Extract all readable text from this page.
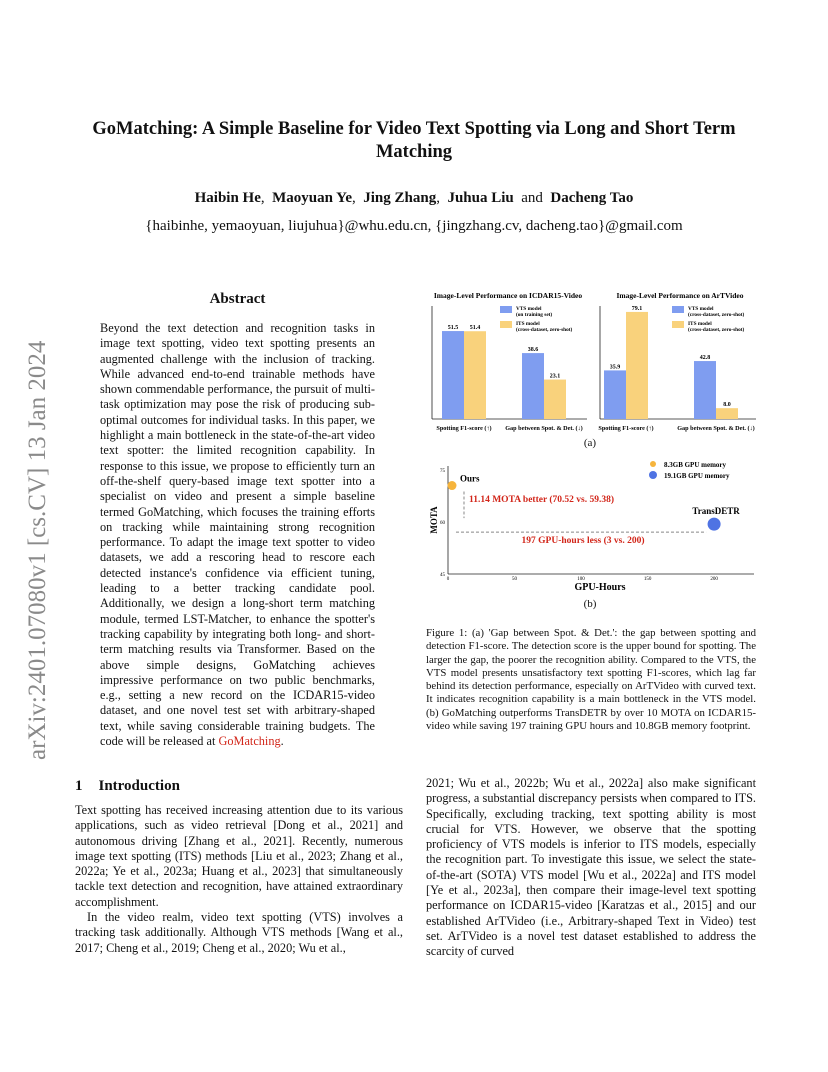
GoMatching: A Simple Baseline for Video Text Spotting via Long and Short Term
Matching
Haibin He, Maoyuan Ye, Jing Zhang, Juhua Liu and Dacheng Tao
{haibinhe, yemaoyuan, liujuhua}@whu.edu.cn, {jingzhang.cv, dacheng.tao}@gmail.com
arXiv:2401.07080v1 [cs.CV] 13 Jan 2024
Abstract
Beyond the text detection and recognition tasks in image text spotting, video text spotting presents an augmented challenge with the inclusion of tracking. While advanced end-to-end trainable methods have shown commendable performance, the pursuit of multi-task optimization may pose the risk of producing sub-optimal outcomes for individual tasks. In this paper, we highlight a main bottleneck in the state-of-the-art video text spotter: the limited recognition capability. In response to this issue, we propose to efficiently turn an off-the-shelf query-based image text spotter into a specialist on video and present a simple baseline termed GoMatching, which focuses the training efforts on tracking while maintaining strong recognition performance. To adapt the image text spotter to video datasets, we add a rescoring head to rescore each detected instance's confidence via efficient tuning, leading to a better tracking candidate pool. Additionally, we design a long-short term matching module, termed LST-Matcher, to enhance the spotter's tracking capability by integrating both long- and short-term matching results via Transformer. Based on the above simple designs, GoMatching achieves impressive performance on two public benchmarks, e.g., setting a new record on the ICDAR15-video dataset, and one novel test set with arbitrary-shaped text, while saving considerable training budgets. The code will be released at GoMatching.
Image-Level Performance on ICDAR15-Video
51.5 51.4
38.6
23.1
VTS model
(on training set)
ITS model
(cross-dataset, zero-shot)
Spotting F1-score (↑) Gap between Spot. & Det. (↓)
Image-Level Performance on ArTVideo
35.9
79.1
42.8
8.0
VTS model
(cross-dataset, zero-shot)
ITS model
(cross-dataset, zero-shot)
Spotting F1-score (↑)	Gap between Spot. & Det. (↓)
(a)
MOTA
GPU-Hours
0	50	100	150	200
45
60
75
11.14 MOTA better (70.52 vs. 59.38)
197 GPU-hours less (3 vs. 200)
Ours
TransDETR
8.3GB GPU memory
19.1GB GPU memory
(b)
Figure 1: (a) 'Gap between Spot. & Det.': the gap between spotting and detection F1-score. The detection score is the upper bound for spotting. The larger the gap, the poorer the recognition ability. Compared to the VTS, the VTS model presents unsatisfactory text spotting F1-scores, which lag far behind its detection performance, especially on ArTVideo with curved text. It indicates recognition capability is a main bottleneck in the VTS model. (b) GoMatching outperforms TransDETR by over 10 MOTA on ICDAR15-video while saving 197 training GPU hours and 10.8GB memory footprint.
1 Introduction

Text spotting has received increasing attention due to its various applications, such as video retrieval [Dong et al., 2021] and autonomous driving [Zhang et al., 2021]. Recently, numerous image text spotting (ITS) methods [Liu et al., 2023; Zhang et al., 2022a; Ye et al., 2023a; Huang et al., 2023] that simultaneously tackle text detection and recognition, have attained extraordinary accomplishment.

In the video realm, video text spotting (VTS) involves a tracking task additionally. Although VTS methods [Wang et al., 2017; Cheng et al., 2019; Cheng et al., 2020; Wu et al.,

2021; Wu et al., 2022b; Wu et al., 2022a] also make significant progress, a substantial discrepancy persists when compared to ITS. Specifically, excluding tracking, text spotting ability is most crucial for VTS. However, we observe that the spotting proficiency of VTS models is inferior to ITS models, especially the recognition part. To investigate this issue, we select the state-of-the-art (SOTA) VTS model [Wu et al., 2022a] and ITS model [Ye et al., 2023a], then compare their image-level text spotting performance on ICDAR15-video [Karatzas et al., 2015] and our established ArTVideo (i.e., Arbitrary-shaped Text in Video) test set. ArTVideo is a novel test dataset established to address the scarcity of curved
